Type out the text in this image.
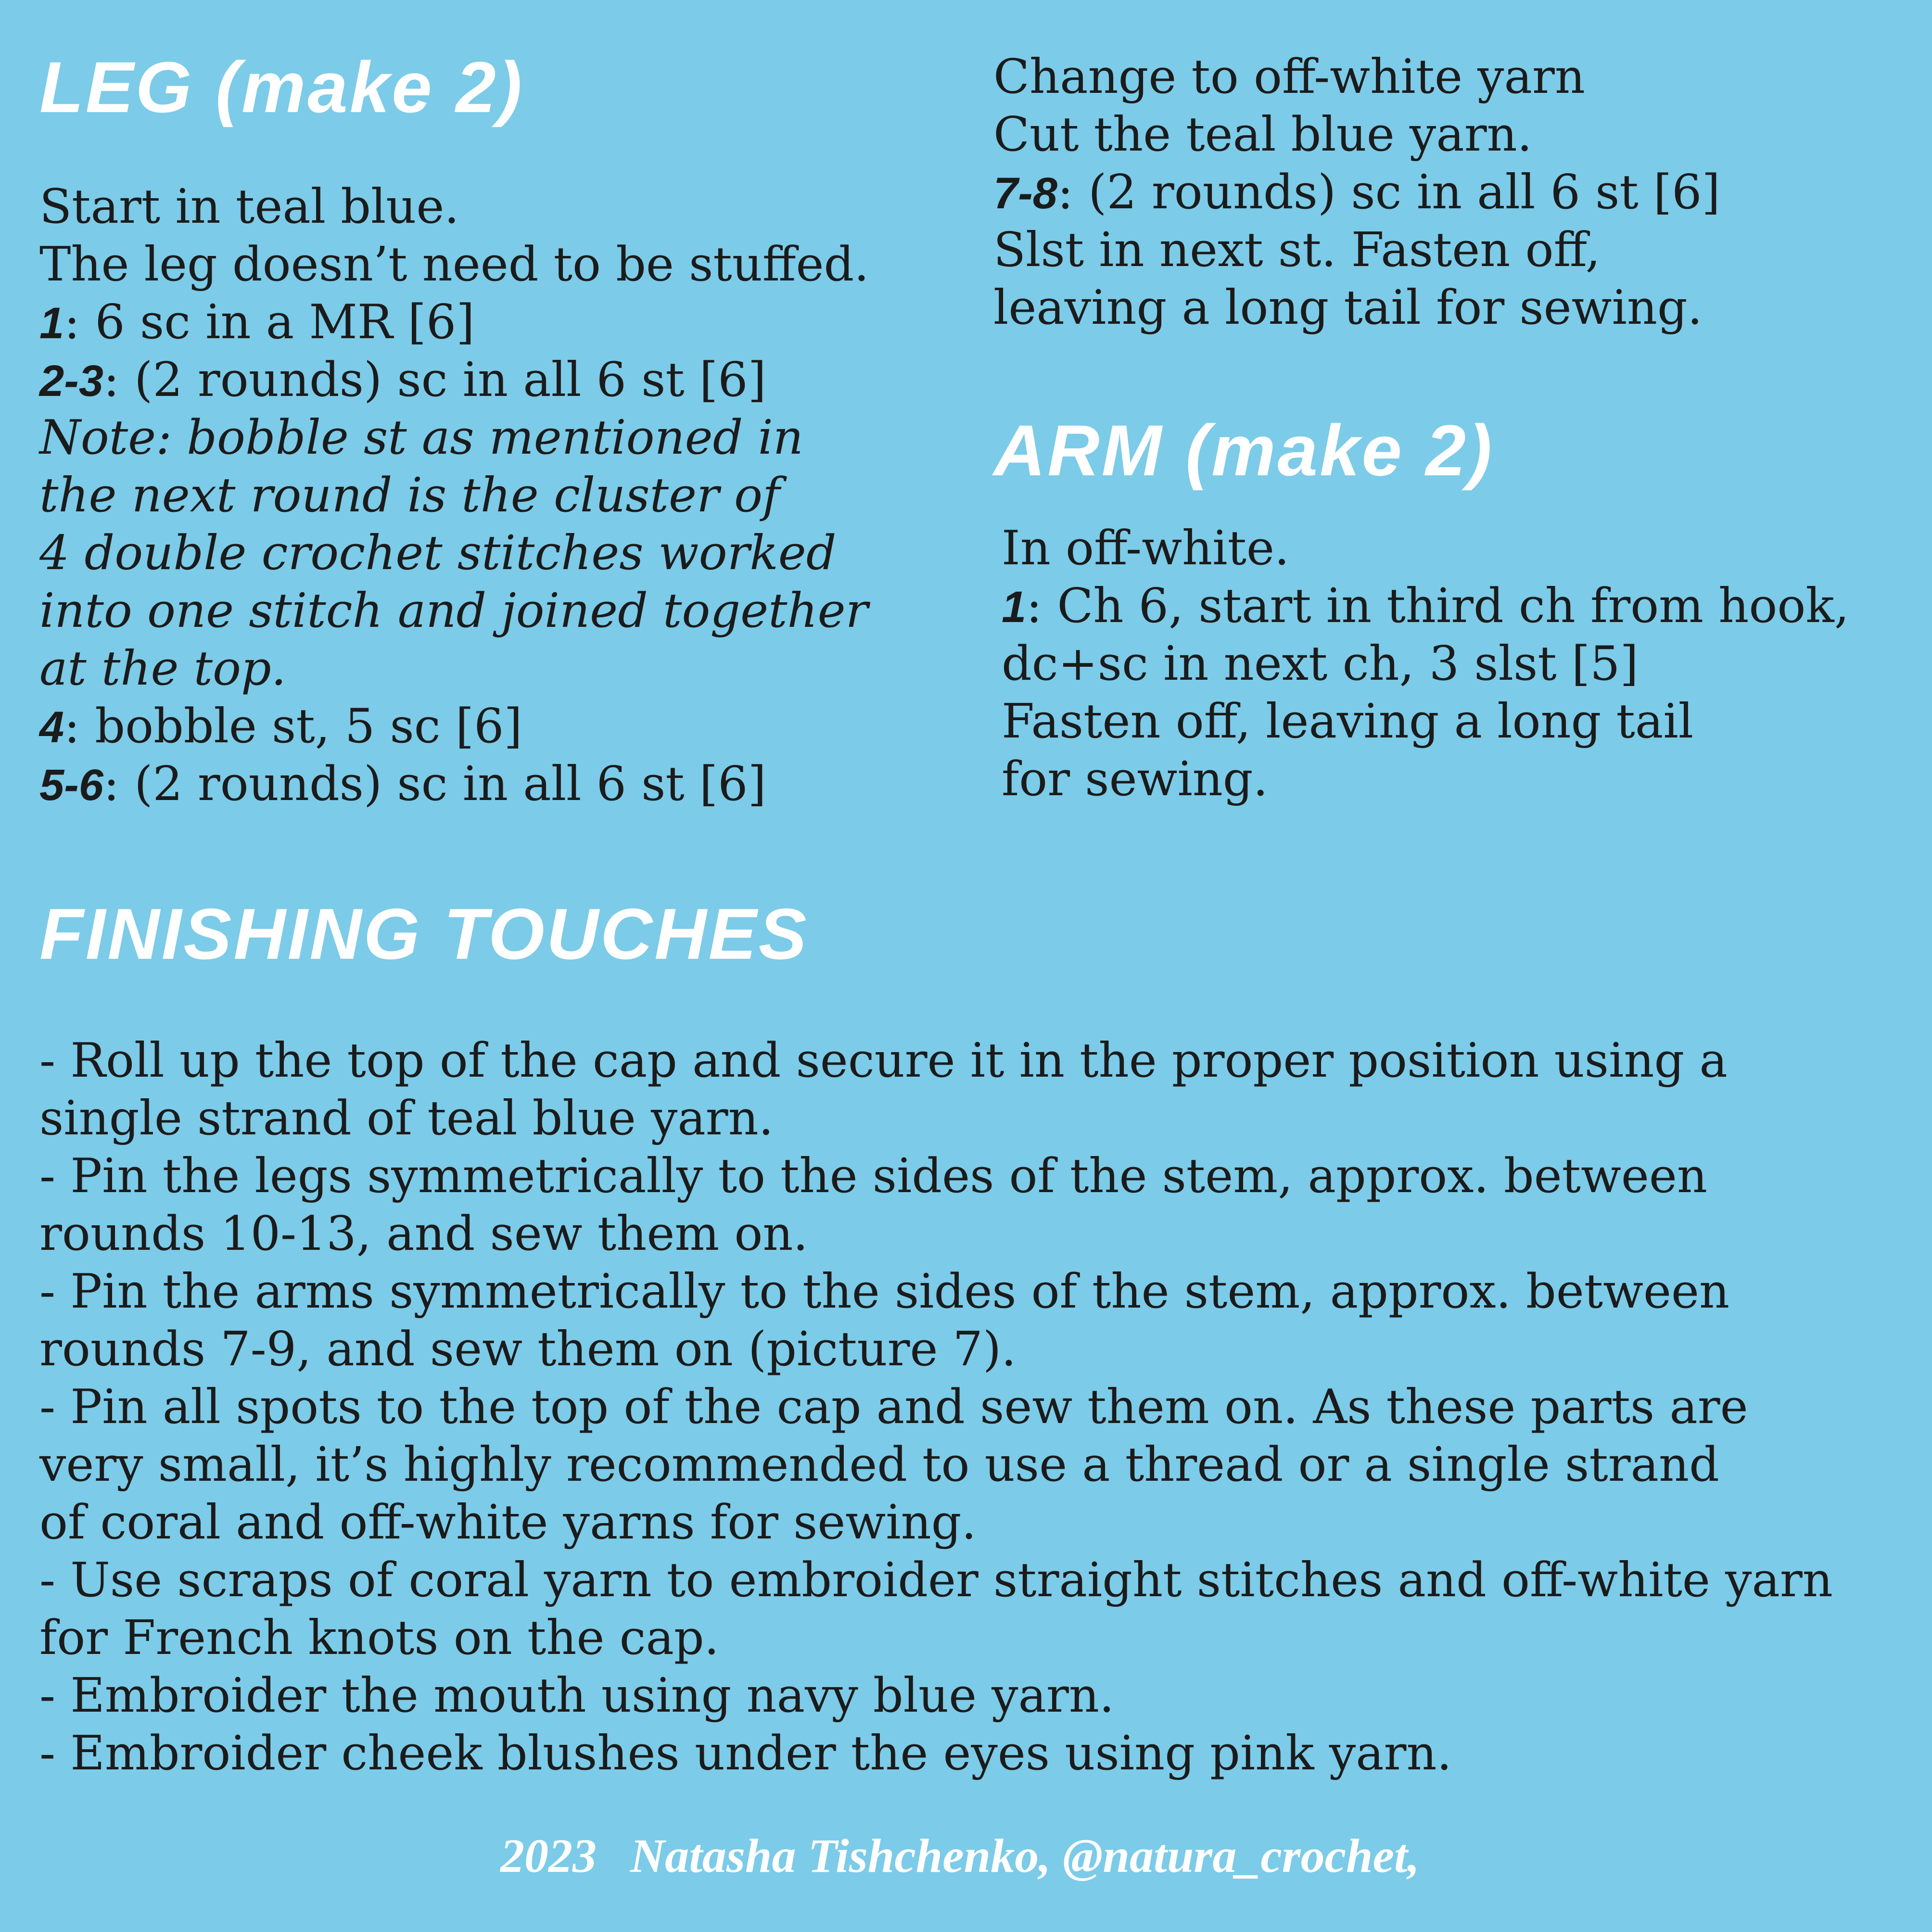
LEG (make 2)
Start in teal blue.
The leg doesn’t need to be stuffed.
1: 6 sc in a MR [6]
2-3: (2 rounds) sc in all 6 st [6]
Note: bobble st as mentioned in
the next round is the cluster of
4 double crochet stitches worked
into one stitch and joined together
at the top.
4: bobble st, 5 sc [6]
5-6: (2 rounds) sc in all 6 st [6]
Change to off-white yarn
Cut the teal blue yarn.
7-8: (2 rounds) sc in all 6 st [6]
Slst in next st. Fasten off,
leaving a long tail for sewing.
ARM (make 2)
In off-white.
1: Ch 6, start in third ch from hook,
dc+sc in next ch, 3 slst [5]
Fasten off, leaving a long tail
for sewing.
FINISHING TOUCHES
- Roll up the top of the cap and secure it in the proper position using a
single strand of teal blue yarn.
- Pin the legs symmetrically to the sides of the stem, approx. between
rounds 10-13, and sew them on.
- Pin the arms symmetrically to the sides of the stem, approx. between
rounds 7-9, and sew them on (picture 7).
- Pin all spots to the top of the cap and sew them on. As these parts are
very small, it’s highly recommended to use a thread or a single strand
of coral and off-white yarns for sewing.
- Use scraps of coral yarn to embroider straight stitches and off-white yarn
for French knots on the cap.
- Embroider the mouth using navy blue yarn.
- Embroider cheek blushes under the eyes using pink yarn.
2023 Natasha Tishchenko, @natura_crochet,
